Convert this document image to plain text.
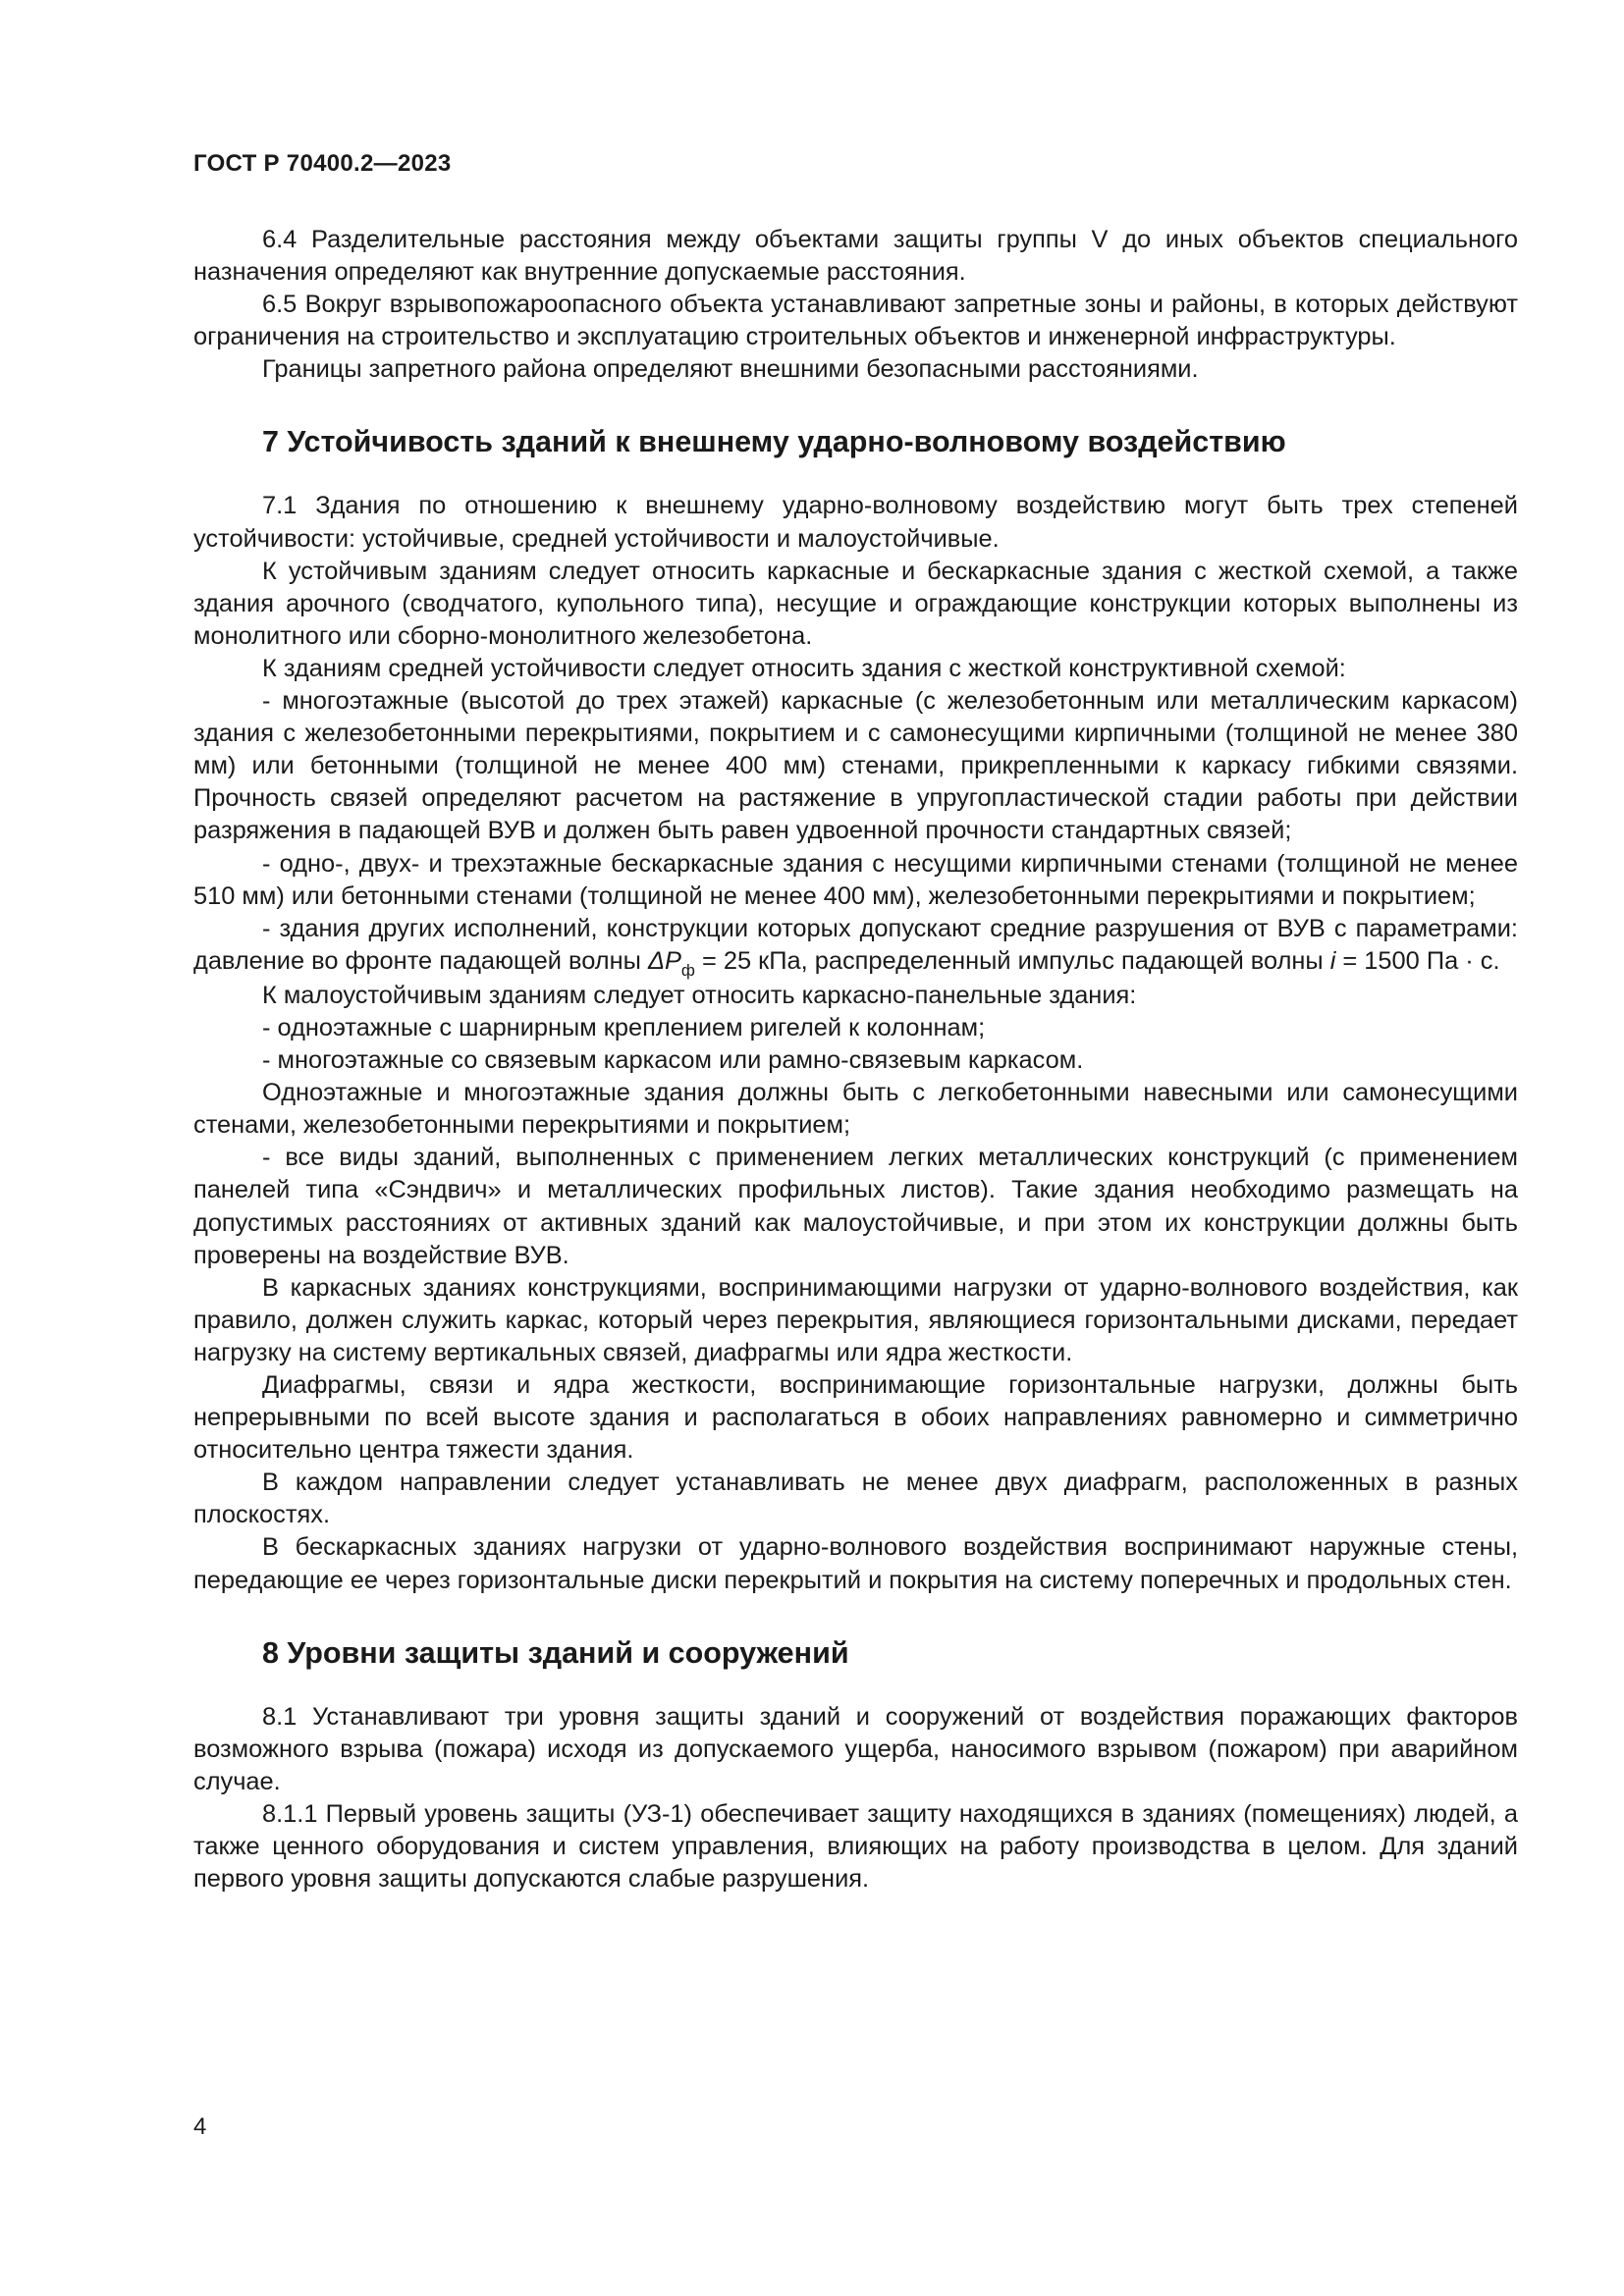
ГОСТ Р 70400.2—2023

6.4 Разделительные расстояния между объектами защиты группы V до иных объектов специального назначения определяют как внутренние допускаемые расстояния.

6.5 Вокруг взрывопожароопасного объекта устанавливают запретные зоны и районы, в которых действуют ограничения на строительство и эксплуатацию строительных объектов и инженерной инфраструктуры.

Границы запретного района определяют внешними безопасными расстояниями.

7 Устойчивость зданий к внешнему ударно-волновому воздействию

7.1 Здания по отношению к внешнему ударно-волновому воздействию могут быть трех степеней устойчивости: устойчивые, средней устойчивости и малоустойчивые.

К устойчивым зданиям следует относить каркасные и бескаркасные здания с жесткой схемой, а также здания арочного (сводчатого, купольного типа), несущие и ограждающие конструкции которых выполнены из монолитного или сборно-монолитного железобетона.

К зданиям средней устойчивости следует относить здания с жесткой конструктивной схемой:

- многоэтажные (высотой до трех этажей) каркасные (с железобетонным или металлическим каркасом) здания с железобетонными перекрытиями, покрытием и с самонесущими кирпичными (толщиной не менее 380 мм) или бетонными (толщиной не менее 400 мм) стенами, прикрепленными к каркасу гибкими связями. Прочность связей определяют расчетом на растяжение в упругопластической стадии работы при действии разряжения в падающей ВУВ и должен быть равен удвоенной прочности стандартных связей;

- одно-, двух- и трехэтажные бескаркасные здания с несущими кирпичными стенами (толщиной не менее 510 мм) или бетонными стенами (толщиной не менее 400 мм), железобетонными перекрытиями и покрытием;

- здания других исполнений, конструкции которых допускают средние разрушения от ВУВ с параметрами: давление во фронте падающей волны $\Delta P_ф = 25$ кПа, распределенный импульс падающей волны i = 1500 Па · с.

К малоустойчивым зданиям следует относить каркасно-панельные здания:

- одноэтажные с шарнирным креплением ригелей к колоннам;

- многоэтажные со связевым каркасом или рамно-связевым каркасом.

Одноэтажные и многоэтажные здания должны быть с легкобетонными навесными или самонесущими стенами, железобетонными перекрытиями и покрытием;

- все виды зданий, выполненных с применением легких металлических конструкций (с применением панелей типа «Сэндвич» и металлических профильных листов). Такие здания необходимо размещать на допустимых расстояниях от активных зданий как малоустойчивые, и при этом их конструкции должны быть проверены на воздействие ВУВ.

В каркасных зданиях конструкциями, воспринимающими нагрузки от ударно-волнового воздействия, как правило, должен служить каркас, который через перекрытия, являющиеся горизонтальными дисками, передает нагрузку на систему вертикальных связей, диафрагмы или ядра жесткости.

Диафрагмы, связи и ядра жесткости, воспринимающие горизонтальные нагрузки, должны быть непрерывными по всей высоте здания и располагаться в обоих направлениях равномерно и симметрично относительно центра тяжести здания.

В каждом направлении следует устанавливать не менее двух диафрагм, расположенных в разных плоскостях.

В бескаркасных зданиях нагрузки от ударно-волнового воздействия воспринимают наружные стены, передающие ее через горизонтальные диски перекрытий и покрытия на систему поперечных и продольных стен.

8 Уровни защиты зданий и сооружений

8.1 Устанавливают три уровня защиты зданий и сооружений от воздействия поражающих факторов возможного взрыва (пожара) исходя из допускаемого ущерба, наносимого взрывом (пожаром) при аварийном случае.

8.1.1 Первый уровень защиты (УЗ-1) обеспечивает защиту находящихся в зданиях (помещениях) людей, а также ценного оборудования и систем управления, влияющих на работу производства в целом. Для зданий первого уровня защиты допускаются слабые разрушения.

4
